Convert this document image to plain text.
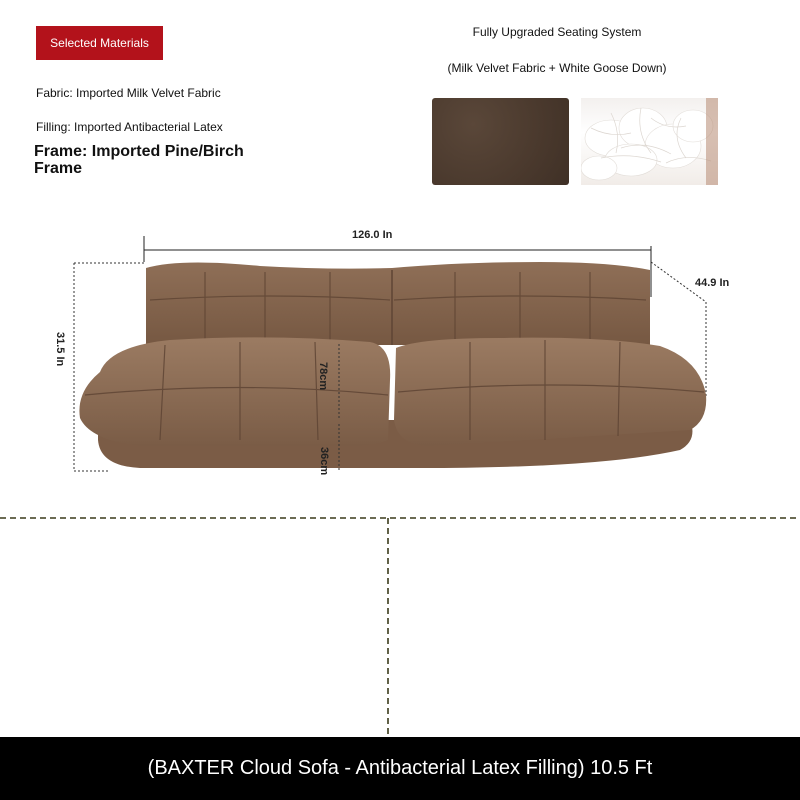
Selected Materials
Fabric: Imported Milk Velvet Fabric
Filling: Imported Antibacterial Latex
Frame: Imported Pine/Birch Frame
Fully Upgraded Seating System
(Milk Velvet Fabric + White Goose Down)
126.0 In
44.9 In
31.5 In
78cm
36cm
(BAXTER Cloud Sofa - Antibacterial Latex Filling) 10.5 Ft
